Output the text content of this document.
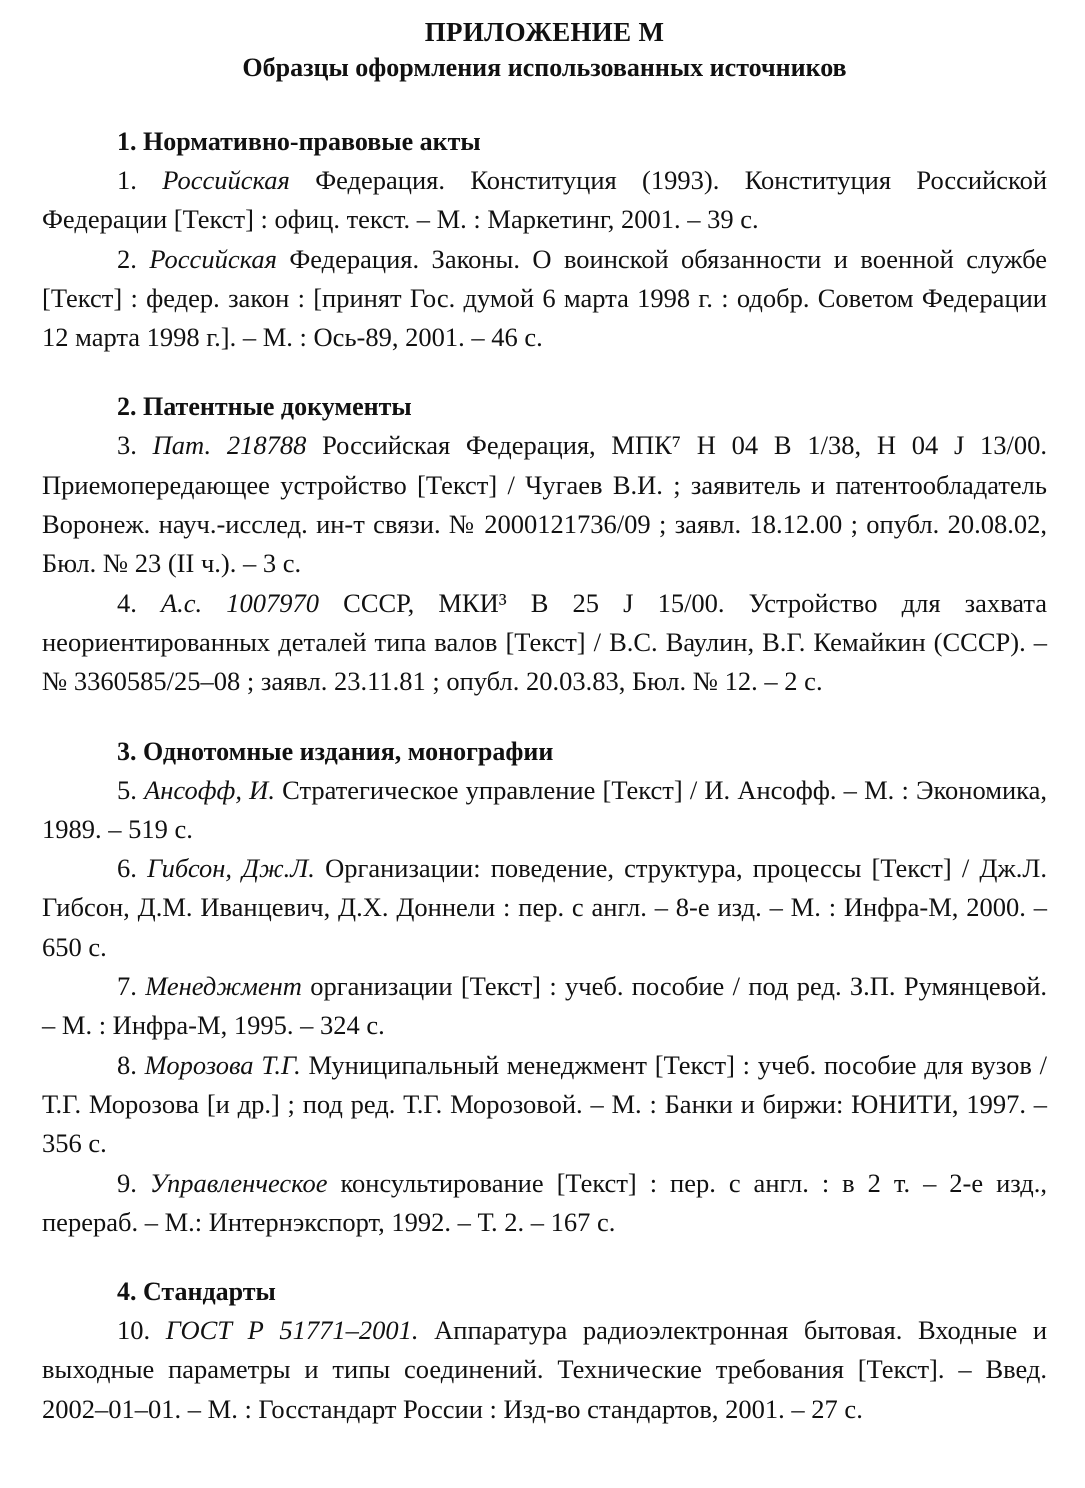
ПРИЛОЖЕНИЕ М
Образцы оформления использованных источников
1. Нормативно-правовые акты

1. Российская Федерация. Конституция (1993). Конституция Российской Федерации [Текст] : офиц. текст. – М. : Маркетинг, 2001. – 39 с.

2. Российская Федерация. Законы. О воинской обязанности и военной службе [Текст] : федер. закон : [принят Гос. думой 6 марта 1998 г. : одобр. Советом Федерации 12 марта 1998 г.]. – М. : Ось-89, 2001. – 46 с.

2. Патентные документы

3. Пат. 218788 Российская Федерация, МПК⁷ H 04 B 1/38, H 04 J 13/00. Приемопередающее устройство [Текст] / Чугаев В.И. ; заявитель и патентообладатель Воронеж. науч.-исслед. ин-т связи. № 2000121736/09 ; заявл. 18.12.00 ; опубл. 20.08.02, Бюл. № 23 (II ч.). – 3 с.

4. А.с. 1007970 СССР, МКИ³ B 25 J 15/00. Устройство для захвата неориентированных деталей типа валов [Текст] / В.С. Ваулин, В.Г. Кемайкин (СССР). – № 3360585/25–08 ; заявл. 23.11.81 ; опубл. 20.03.83, Бюл. № 12. – 2 с.

3. Однотомные издания, монографии

5. Ансофф, И. Стратегическое управление [Текст] / И. Ансофф. – М. : Экономика, 1989. – 519 с.

6. Гибсон, Дж.Л. Организации: поведение, структура, процессы [Текст] / Дж.Л. Гибсон, Д.М. Иванцевич, Д.Х. Доннели : пер. с англ. – 8-е изд. – М. : Инфра-М, 2000. – 650 с.

7. Менеджмент организации [Текст] : учеб. пособие / под ред. З.П. Румянцевой. – М. : Инфра-М, 1995. – 324 с.

8. Морозова Т.Г. Муниципальный менеджмент [Текст] : учеб. пособие для вузов / Т.Г. Морозова [и др.] ; под ред. Т.Г. Морозовой. – М. : Банки и биржи: ЮНИТИ, 1997. – 356 с.

9. Управленческое консультирование [Текст] : пер. с англ. : в 2 т. – 2-е изд., перераб. – М.: Интернэкспорт, 1992. – Т. 2. – 167 с.

4. Стандарты

10. ГОСТ Р 51771–2001. Аппаратура радиоэлектронная бытовая. Входные и выходные параметры и типы соединений. Технические требования [Текст]. – Введ. 2002–01–01. – М. : Госстандарт России : Изд-во стандартов, 2001. – 27 с.
